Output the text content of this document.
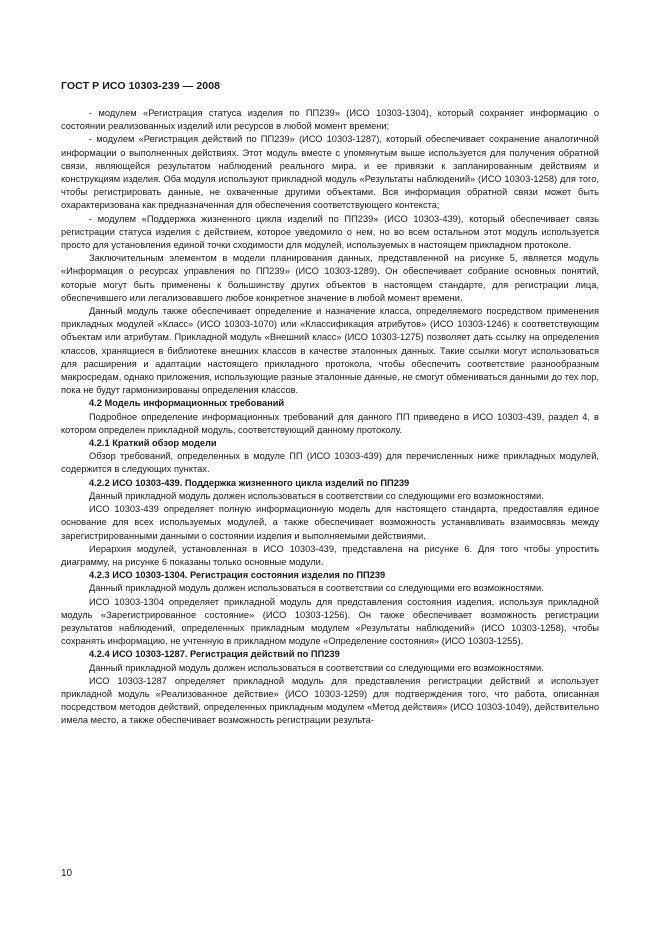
ГОСТ Р ИСО 10303-239 — 2008

- модулем «Регистрация статуса изделия по ПП239» (ИСО 10303-1304), который сохраняет информацию о состоянии реализованных изделий или ресурсов в любой момент времени;

- модулем «Регистрация действий по ПП239» (ИСО 10303-1287), который обеспечивает сохранение аналогичной информации о выполненных действиях. Этот модуль вместе с упомянутым выше используется для получения обратной связи, являющейся результатом наблюдений реального мира, и ее привязки к запланированным действиям и конструкциям изделия. Оба модуля используют прикладной модуль «Результаты наблюдений» (ИСО 10303-1258) для того, чтобы регистрировать данные, не охваченные другими объектами. Вся информация обратной связи может быть охарактеризована как предназначенная для обеспечения соответствующего контекста;

- модулем «Поддержка жизненного цикла изделий по ПП239» (ИСО 10303-439), который обеспечивает связь регистрации статуса изделия с действием, которое уведомило о нем, но во всем остальном этот модуль используется просто для установления единой точки сходимости для модулей, используемых в настоящем прикладном протоколе.

Заключительным элементом в модели планирования данных, представленной на рисунке 5, является модуль «Информация о ресурсах управления по ПП239» (ИСО 10303-1289). Он обеспечивает собрание основных понятий, которые могут быть применены к большинству других объектов в настоящем стандарте, для регистрации лица, обеспечившего или легализовавшего любое конкретное значение в любой момент времени.

Данный модуль также обеспечивает определение и назначение класса, определяемого посредством применения прикладных модулей «Класс» (ИСО 10303-1070) или «Классификация атрибутов» (ИСО 10303-1246) к соответствующим объектам или атрибутам. Прикладной модуль «Внешний класс» (ИСО 10303-1275) позволяет дать ссылку на определения классов, хранящиеся в библиотеке внешних классов в качестве эталонных данных. Такие ссылки могут использоваться для расширения и адаптации настоящего прикладного протокола, чтобы обеспечить соответствие разнообразным макросредам, однако приложения, использующие разные эталонные данные, не смогут обмениваться данными до тех пор, пока не будут гармонизированы определения классов.

4.2 Модель информационных требований

Подробное определение информационных требований для данного ПП приведено в ИСО 10303-439, раздел 4, в котором определен прикладной модуль, соответствующий данному протоколу.

4.2.1 Краткий обзор модели

Обзор требований, определенных в модуле ПП (ИСО 10303-439) для перечисленных ниже прикладных модулей, содержится в следующих пунктах.

4.2.2 ИСО 10303-439. Поддержка жизненного цикла изделий по ПП239

Данный прикладной модуль должен использоваться в соответствии со следующими его возможностями.

ИСО 10303-439 определяет полную информационную модель для настоящего стандарта, предоставляя единое основание для всех используемых модулей, а также обеспечивает возможность устанавливать взаимосвязь между зарегистрированными данными о состоянии изделия и выполняемыми действиями.

Иерархия модулей, установленная в ИСО 10303-439, представлена на рисунке 6. Для того чтобы упростить диаграмму, на рисунке 6 показаны только основные модули.

4.2.3 ИСО 10303-1304. Регистрация состояния изделия по ПП239

Данный прикладной модуль должен использоваться в соответствии со следующими его возможностями.

ИСО 10303-1304 определяет прикладной модуль для представления состояния изделия, используя прикладной модуль «Зарегистрированное состояние» (ИСО 10303-1256). Он также обеспечивает возможность регистрации результатов наблюдений, определенных прикладным модулем «Результаты наблюдений» (ИСО 10303-1258), чтобы сохранять информацию, не учтенную в прикладном модуле «Определение состояния» (ИСО 10303-1255).

4.2.4 ИСО 10303-1287. Регистрация действий по ПП239

Данный прикладной модуль должен использоваться в соответствии со следующими его возможностями.

ИСО 10303-1287 определяет прикладной модуль для представления регистрации действий и использует прикладной модуль «Реализованное действие» (ИСО 10303-1259) для подтверждения того, что работа, описанная посредством методов действий, определенных прикладным модулем «Метод действия» (ИСО 10303-1049), действительно имела место, а также обеспечивает возможность регистрации результа-

10
